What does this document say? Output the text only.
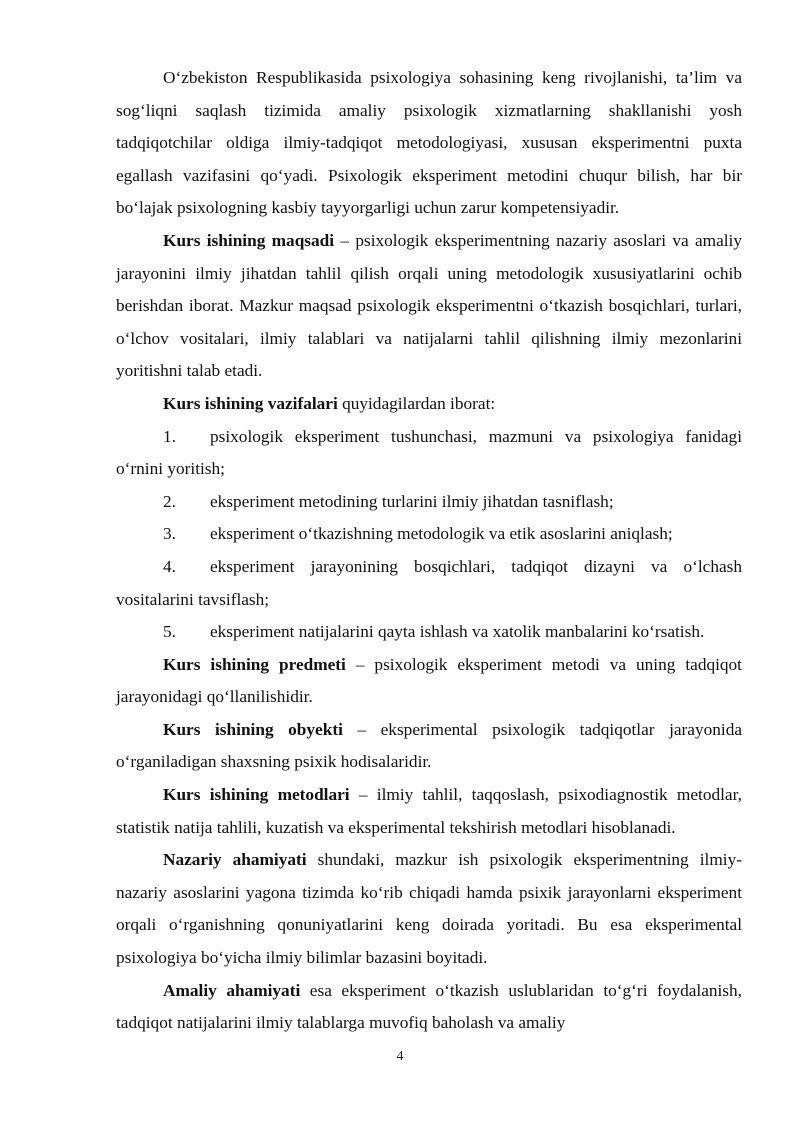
O‘zbekiston Respublikasida psixologiya sohasining keng rivojlanishi, ta’lim va sog‘liqni saqlash tizimida amaliy psixologik xizmatlarning shakllanishi yosh tadqiqotchilar oldiga ilmiy-tadqiqot metodologiyasi, xususan eksperimentni puxta egallash vazifasini qo‘yadi. Psixologik eksperiment metodini chuqur bilish, har bir bo‘lajak psixologning kasbiy tayyorgarligi uchun zarur kompetensiyadir.

Kurs ishining maqsadi – psixologik eksperimentning nazariy asoslari va amaliy jarayonini ilmiy jihatdan tahlil qilish orqali uning metodologik xususiyatlarini ochib berishdan iborat. Mazkur maqsad psixologik eksperimentni o‘tkazish bosqichlari, turlari, o‘lchov vositalari, ilmiy talablari va natijalarni tahlil qilishning ilmiy mezonlarini yoritishni talab etadi.

Kurs ishining vazifalari quyidagilardan iborat:

1. psixologik eksperiment tushunchasi, mazmuni va psixologiya fanidagi o‘rnini yoritish;

2. eksperiment metodining turlarini ilmiy jihatdan tasniflash;

3. eksperiment o‘tkazishning metodologik va etik asoslarini aniqlash;

4. eksperiment jarayonining bosqichlari, tadqiqot dizayni va o‘lchash vositalarini tavsiflash;

5. eksperiment natijalarini qayta ishlash va xatolik manbalarini ko‘rsatish.

Kurs ishining predmeti – psixologik eksperiment metodi va uning tadqiqot jarayonidagi qo‘llanilishidir.

Kurs ishining obyekti – eksperimental psixologik tadqiqotlar jarayonida o‘rganiladigan shaxsning psixik hodisalaridir.

Kurs ishining metodlari – ilmiy tahlil, taqqoslash, psixodiagnostik metodlar, statistik natija tahlili, kuzatish va eksperimental tekshirish metodlari hisoblanadi.

Nazariy ahamiyati shundaki, mazkur ish psixologik eksperimentning ilmiy-nazariy asoslarini yagona tizimda ko‘rib chiqadi hamda psixik jarayonlarni eksperiment orqali o‘rganishning qonuniyatlarini keng doirada yoritadi. Bu esa eksperimental psixologiya bo‘yicha ilmiy bilimlar bazasini boyitadi.

Amaliy ahamiyati esa eksperiment o‘tkazish uslublaridan to‘g‘ri foydalanish, tadqiqot natijalarini ilmiy talablarga muvofiq baholash va amaliy

4
